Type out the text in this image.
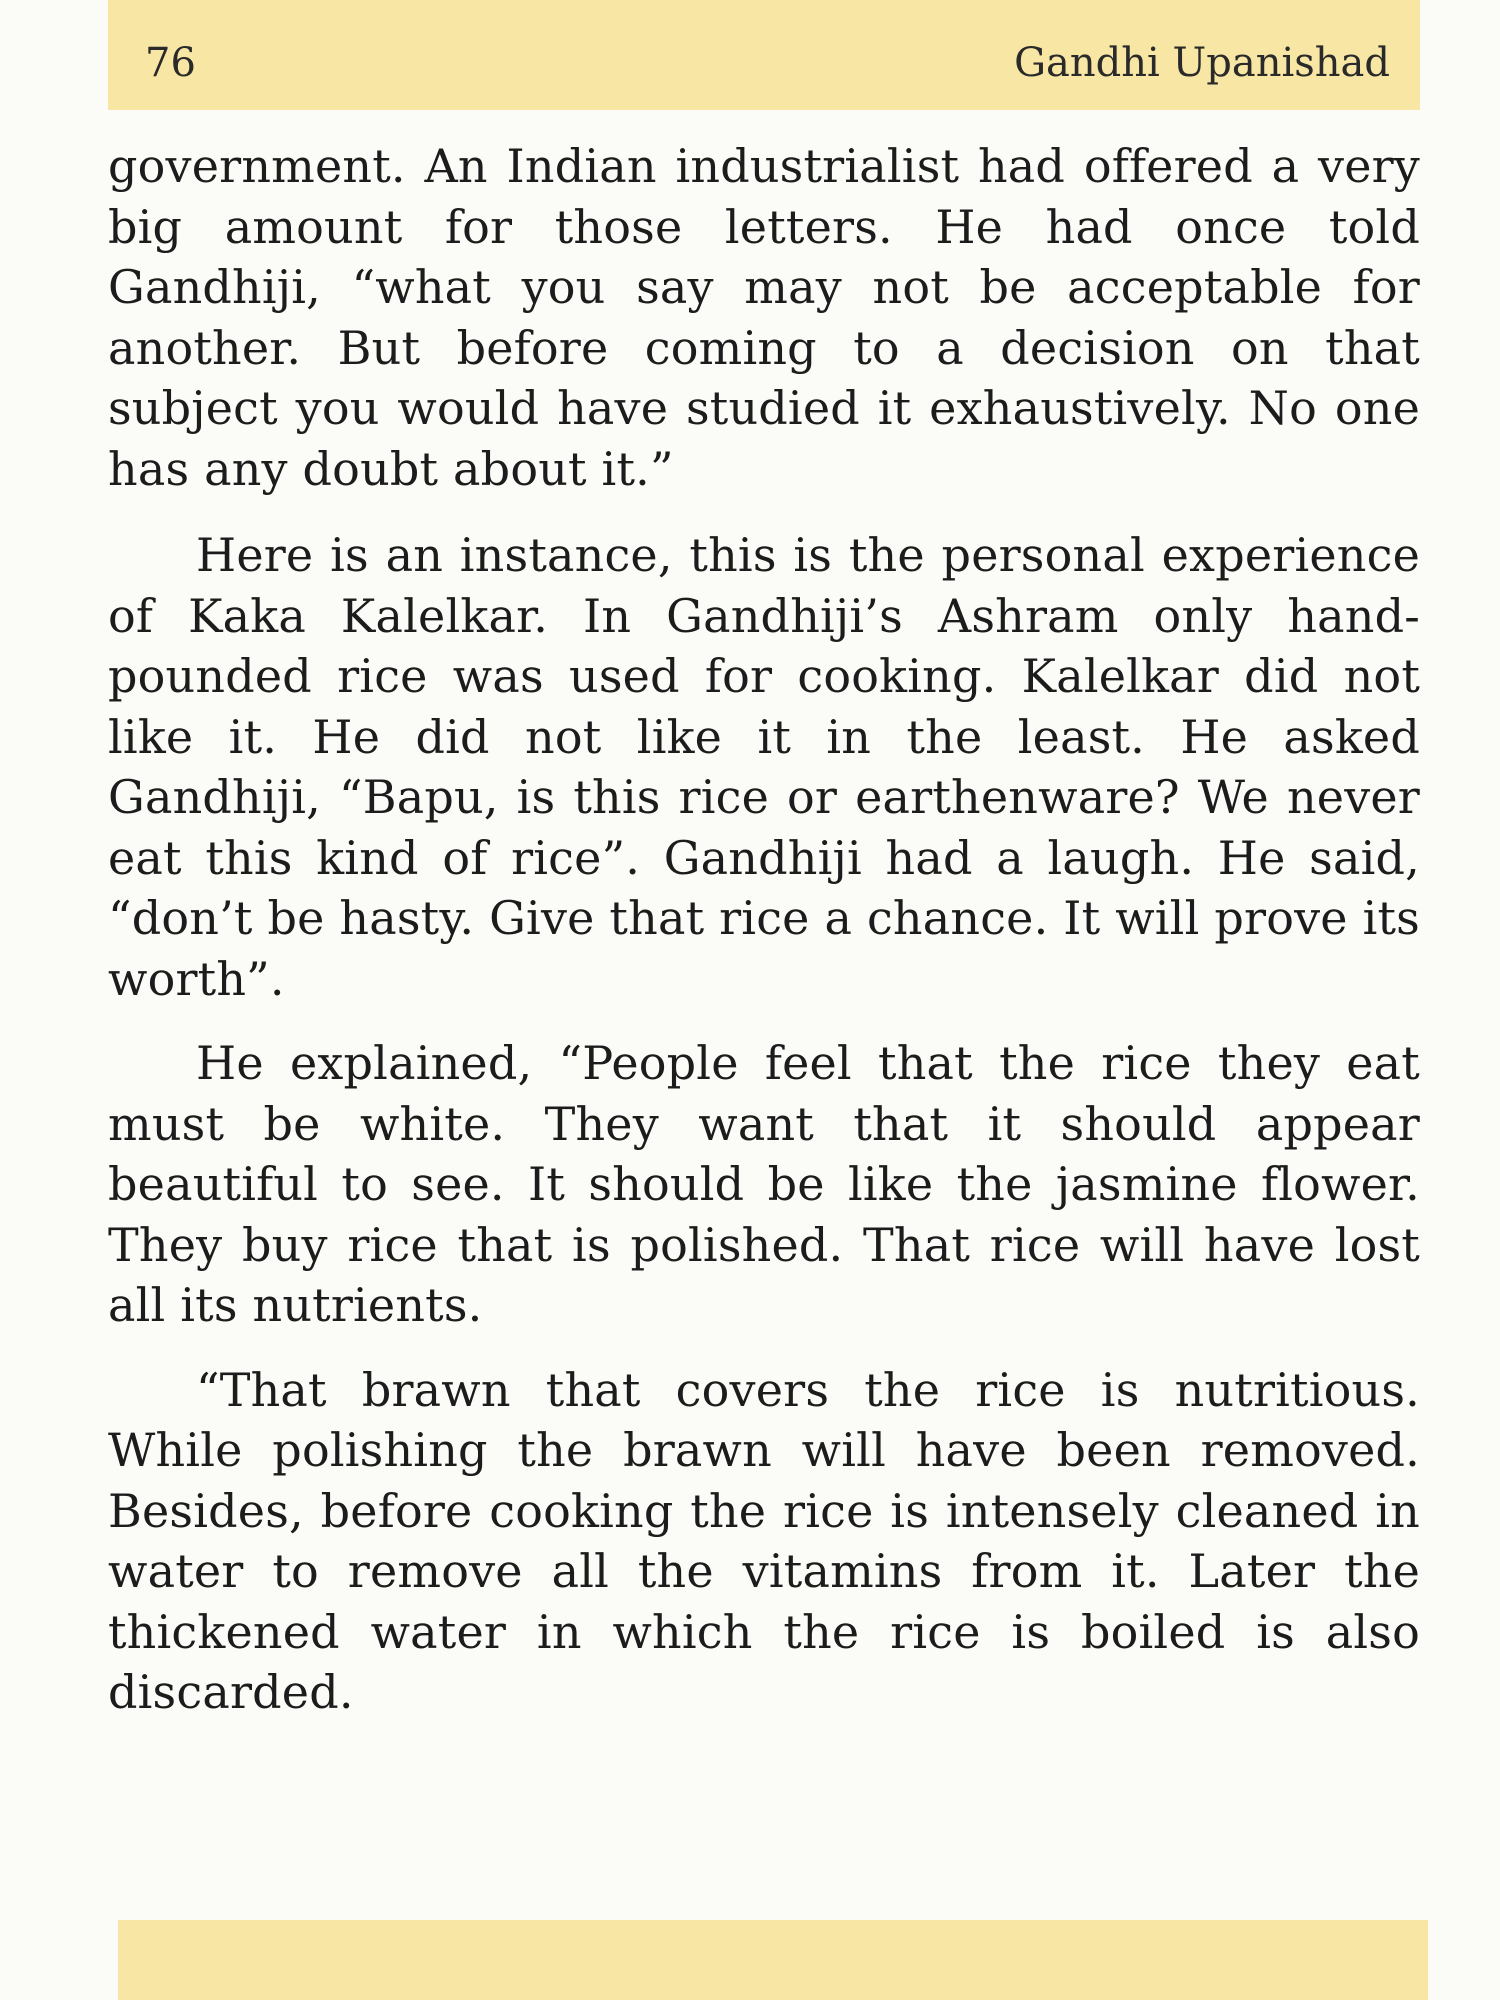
76	Gandhi Upanishad

government. An Indian industrialist had offered a very big amount for those letters. He had once told Gandhiji, “what you say may not be acceptable for another. But before coming to a decision on that subject you would have studied it exhaustively. No one has any doubt about it.”

Here is an instance, this is the personal experience of Kaka Kalelkar. In Gandhiji’s Ashram only hand-pounded rice was used for cooking. Kalelkar did not like it. He did not like it in the least. He asked Gandhiji, “Bapu, is this rice or earthenware? We never eat this kind of rice”. Gandhiji had a laugh. He said, “don’t be hasty. Give that rice a chance. It will prove its worth”.

He explained, “People feel that the rice they eat must be white. They want that it should appear beautiful to see. It should be like the jasmine flower. They buy rice that is polished. That rice will have lost all its nutrients.

“That brawn that covers the rice is nutritious. While polishing the brawn will have been removed. Besides, before cooking the rice is intensely cleaned in water to remove all the vitamins from it. Later the thickened water in which the rice is boiled is also discarded.
